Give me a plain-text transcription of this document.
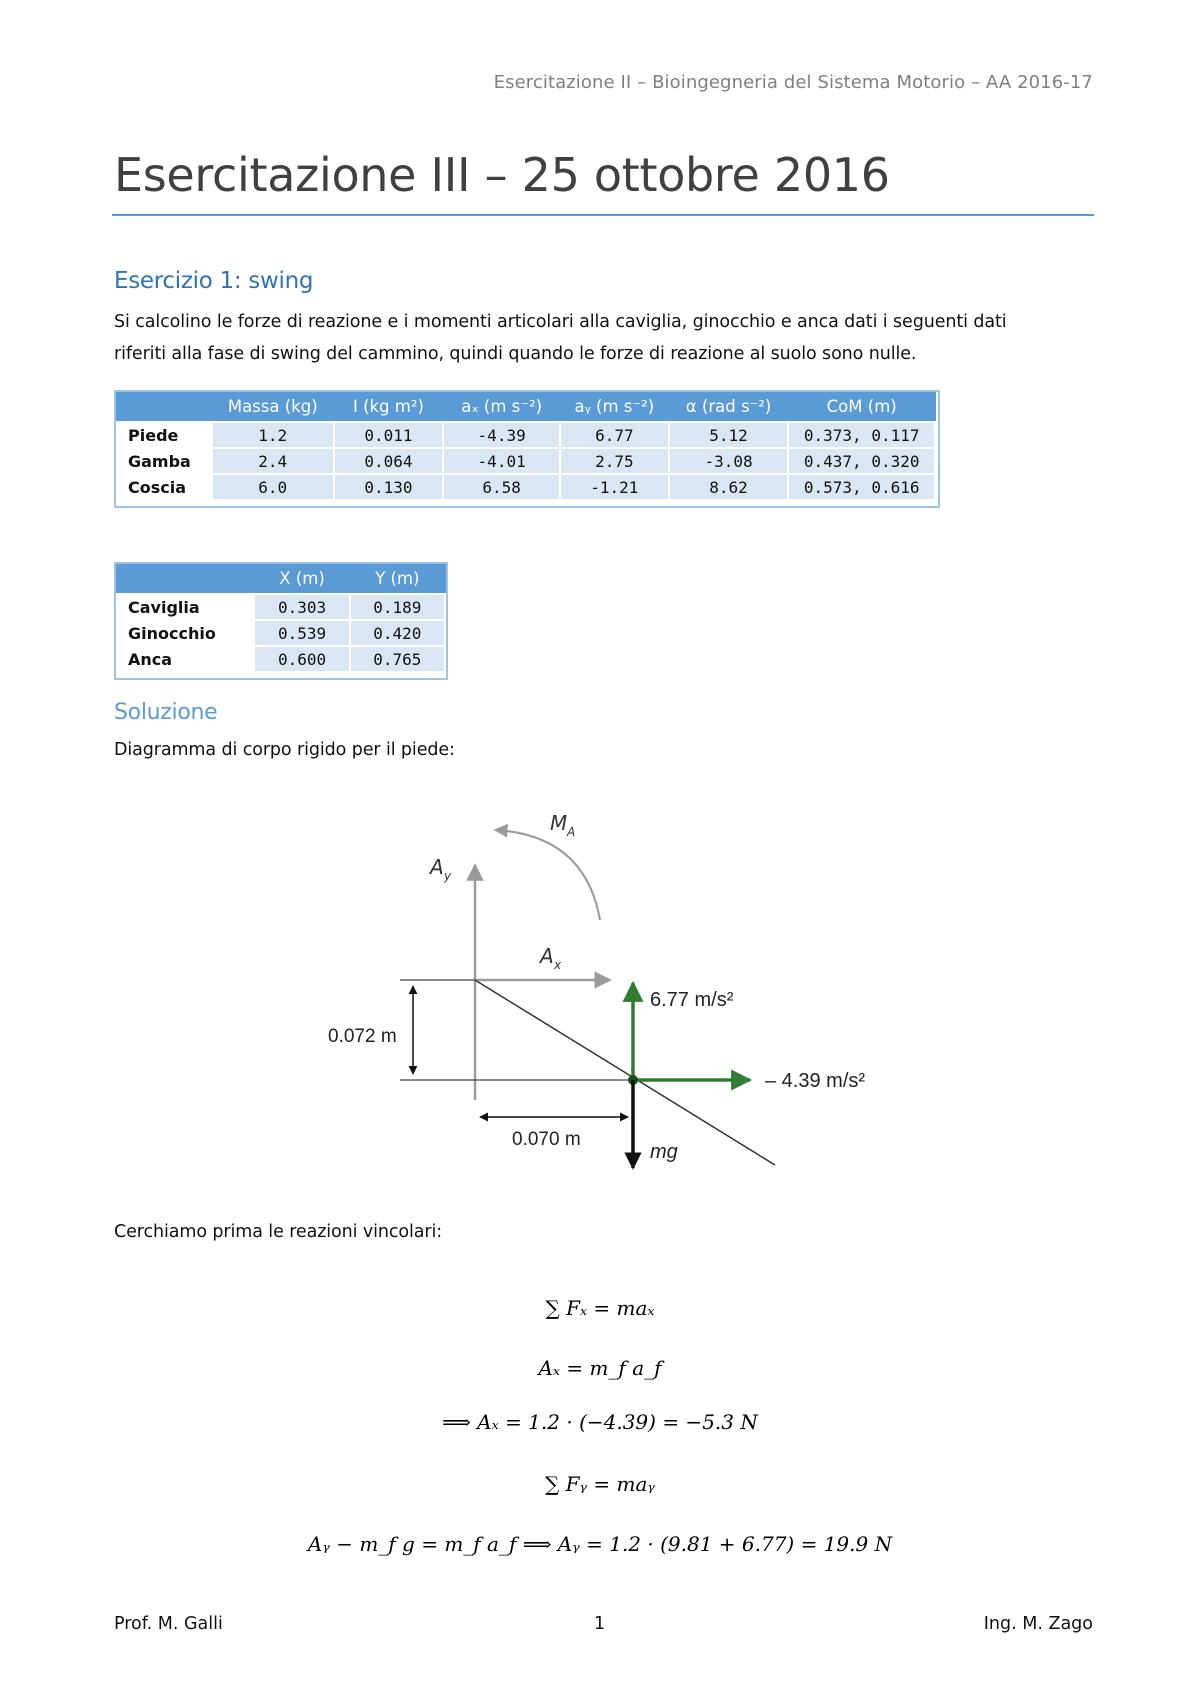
Esercitazione II – Bioingegneria del Sistema Motorio – AA 2016-17
Esercitazione III – 25 ottobre 2016
Esercizio 1: swing

Si calcolino le forze di reazione e i momenti articolari alla caviglia, ginocchio e anca dati i seguenti dati

riferiti alla fase di swing del cammino, quindi quando le forze di reazione al suolo sono nulle.

	Massa (kg)	I (kg m²)	aₓ (m s⁻²)	aᵧ (m s⁻²)	α (rad s⁻²)	CoM (m)
Piede	1.2	0.011	-4.39	6.77	5.12	0.373, 0.117
Gamba	2.4	0.064	-4.01	2.75	-3.08	0.437, 0.320
Coscia	6.0	0.130	6.58	-1.21	8.62	0.573, 0.616
	X (m)	Y (m)
Caviglia	0.303	0.189
Ginocchio	0.539	0.420
Anca	0.600	0.765
Soluzione

Diagramma di corpo rigido per il piede:

M A
A y
A x
0.072 m
0.070 m
6.77 m/s²
– 4.39 m/s²
mg

Cerchiamo prima le reazioni vincolari:

∑ Fₓ = maₓ
Aₓ = m_f a_f
⟹ Aₓ = 1.2 · (−4.39) = −5.3 N
∑ Fᵧ = maᵧ
Aᵧ − m_f g = m_f a_f ⟹ Aᵧ = 1.2 · (9.81 + 6.77) = 19.9 N
Prof. M. Galli	1	Ing. M. Zago
